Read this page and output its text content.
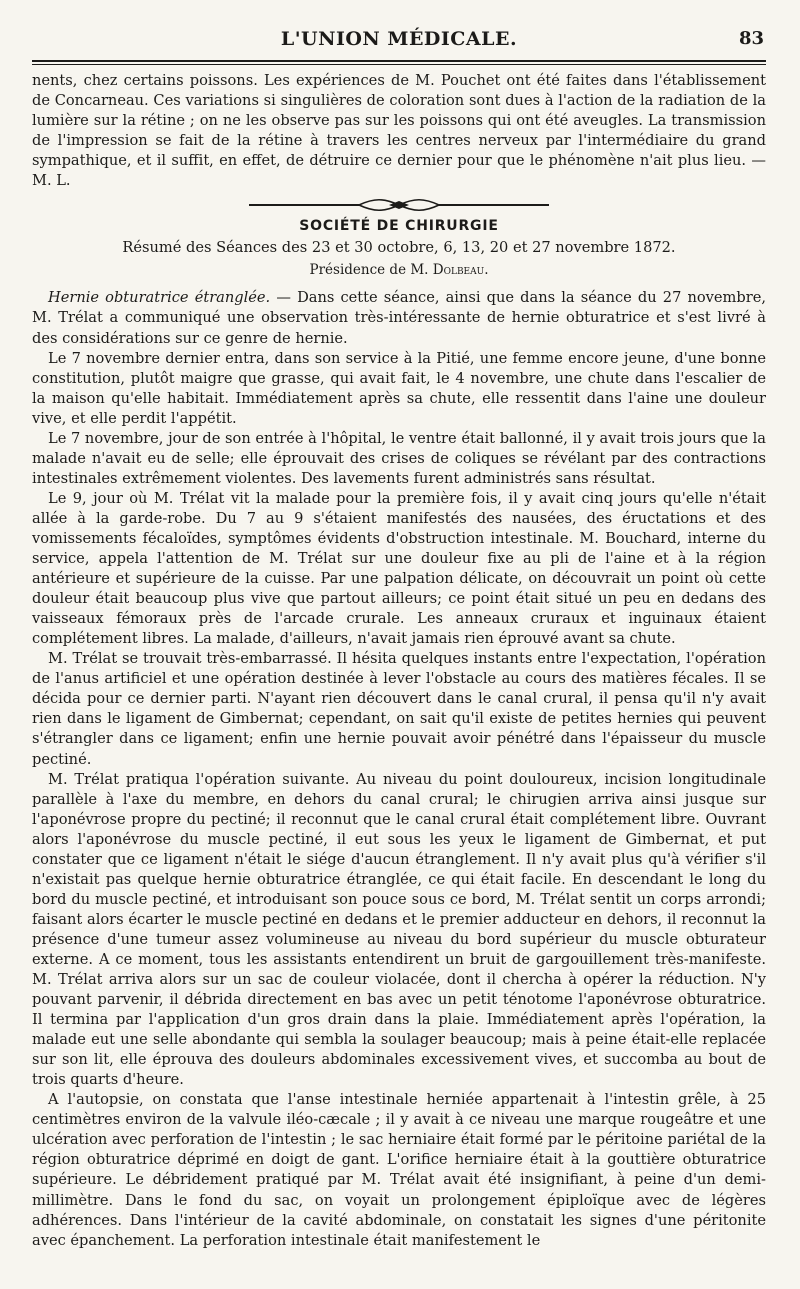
L'UNION MÉDICALE.	83

nents, chez certains poissons. Les expériences de M. Pouchet ont été faites dans l'établissement de Concarneau. Ces variations si singulières de coloration sont dues à l'action de la radiation de la lumière sur la rétine ; on ne les observe pas sur les poissons qui ont été aveugles. La transmission de l'impression se fait de la rétine à travers les centres nerveux par l'intermédiaire du grand sympathique, et il suffit, en effet, de détruire ce dernier pour que le phénomène n'ait plus lieu. — M. L.

SOCIÉTÉ DE CHIRURGIE
Résumé des Séances des 23 et 30 octobre, 6, 13, 20 et 27 novembre 1872.
Présidence de M. Dolbeau.

Hernie obturatrice étranglée. — Dans cette séance, ainsi que dans la séance du 27 novembre, M. Trélat a communiqué une observation très-intéressante de hernie obturatrice et s'est livré à des considérations sur ce genre de hernie.

Le 7 novembre dernier entra, dans son service à la Pitié, une femme encore jeune, d'une bonne constitution, plutôt maigre que grasse, qui avait fait, le 4 novembre, une chute dans l'escalier de la maison qu'elle habitait. Immédiatement après sa chute, elle ressentit dans l'aine une douleur vive, et elle perdit l'appétit.

Le 7 novembre, jour de son entrée à l'hôpital, le ventre était ballonné, il y avait trois jours que la malade n'avait eu de selle; elle éprouvait des crises de coliques se révélant par des contractions intestinales extrêmement violentes. Des lavements furent administrés sans résultat.

Le 9, jour où M. Trélat vit la malade pour la première fois, il y avait cinq jours qu'elle n'était allée à la garde-robe. Du 7 au 9 s'étaient manifestés des nausées, des éructations et des vomissements fécaloïdes, symptômes évidents d'obstruction intestinale. M. Bouchard, interne du service, appela l'attention de M. Trélat sur une douleur fixe au pli de l'aine et à la région antérieure et supérieure de la cuisse. Par une palpation délicate, on découvrait un point où cette douleur était beaucoup plus vive que partout ailleurs; ce point était situé un peu en dedans des vaisseaux fémoraux près de l'arcade crurale. Les anneaux cruraux et inguinaux étaient complétement libres. La malade, d'ailleurs, n'avait jamais rien éprouvé avant sa chute.

M. Trélat se trouvait très-embarrassé. Il hésita quelques instants entre l'expectation, l'opération de l'anus artificiel et une opération destinée à lever l'obstacle au cours des matières fécales. Il se décida pour ce dernier parti. N'ayant rien découvert dans le canal crural, il pensa qu'il n'y avait rien dans le ligament de Gimbernat; cependant, on sait qu'il existe de petites hernies qui peuvent s'étrangler dans ce ligament; enfin une hernie pouvait avoir pénétré dans l'épaisseur du muscle pectiné.

M. Trélat pratiqua l'opération suivante. Au niveau du point douloureux, incision longitudinale parallèle à l'axe du membre, en dehors du canal crural; le chirugien arriva ainsi jusque sur l'aponévrose propre du pectiné; il reconnut que le canal crural était complétement libre. Ouvrant alors l'aponévrose du muscle pectiné, il eut sous les yeux le ligament de Gimbernat, et put constater que ce ligament n'était le siége d'aucun étranglement. Il n'y avait plus qu'à vérifier s'il n'existait pas quelque hernie obturatrice étranglée, ce qui était facile. En descendant le long du bord du muscle pectiné, et introduisant son pouce sous ce bord, M. Trélat sentit un corps arrondi; faisant alors écarter le muscle pectiné en dedans et le premier adducteur en dehors, il reconnut la présence d'une tumeur assez volumineuse au niveau du bord supérieur du muscle obturateur externe. A ce moment, tous les assistants entendirent un bruit de gargouillement très-manifeste. M. Trélat arriva alors sur un sac de couleur violacée, dont il chercha à opérer la réduction. N'y pouvant parvenir, il débrida directement en bas avec un petit ténotome l'aponévrose obturatrice. Il termina par l'application d'un gros drain dans la plaie. Immédiatement après l'opération, la malade eut une selle abondante qui sembla la soulager beaucoup; mais à peine était-elle replacée sur son lit, elle éprouva des douleurs abdominales excessivement vives, et succomba au bout de trois quarts d'heure.

A l'autopsie, on constata que l'anse intestinale herniée appartenait à l'intestin grêle, à 25 centimètres environ de la valvule iléo-cæcale ; il y avait à ce niveau une marque rougeâtre et une ulcération avec perforation de l'intestin ; le sac herniaire était formé par le péritoine pariétal de la région obturatrice déprimé en doigt de gant. L'orifice herniaire était à la gouttière obturatrice supérieure. Le débridement pratiqué par M. Trélat avait été insignifiant, à peine d'un demi-millimètre. Dans le fond du sac, on voyait un prolongement épiploïque avec de légères adhérences. Dans l'intérieur de la cavité abdominale, on constatait les signes d'une péritonite avec épanchement. La perforation intestinale était manifestement le
